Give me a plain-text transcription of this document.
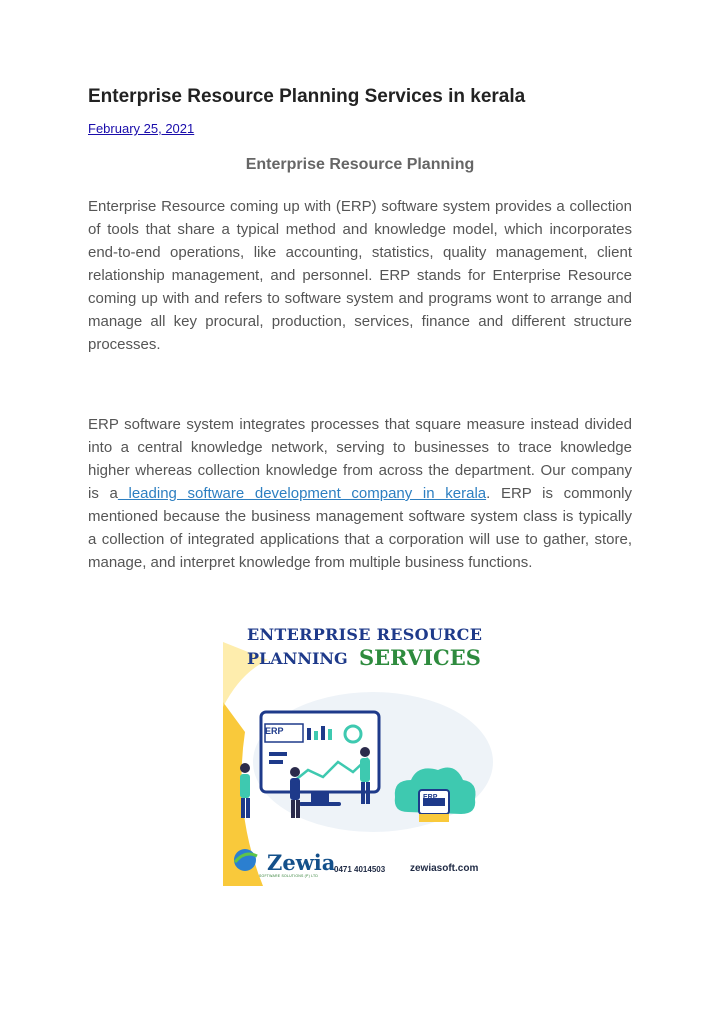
Enterprise Resource Planning Services in kerala
February 25, 2021
Enterprise Resource Planning

Enterprise Resource coming up with (ERP) software system provides a collection of tools that share a typical method and knowledge model, which incorporates end-to-end operations, like accounting, statistics, quality management, client relationship management, and personnel. ERP stands for Enterprise Resource coming up with and refers to software system and programs wont to arrange and manage all key procural, production, services, finance and different structure processes.

ERP software system integrates processes that square measure instead divided into a central knowledge network, serving to businesses to trace knowledge higher whereas collection knowledge from across the department. Our company is a leading software development company in kerala. ERP is commonly mentioned because the business management software system class is typically a collection of integrated applications that a corporation will use to gather, store, manage, and interpret knowledge from multiple business functions.

ENTERPRISE RESOURCE
PLANNING SERVICES
ERP
ERP
Zewia
SOFTWARE SOLUTIONS (P) LTD
0471 4014503 zewiasoft.com
